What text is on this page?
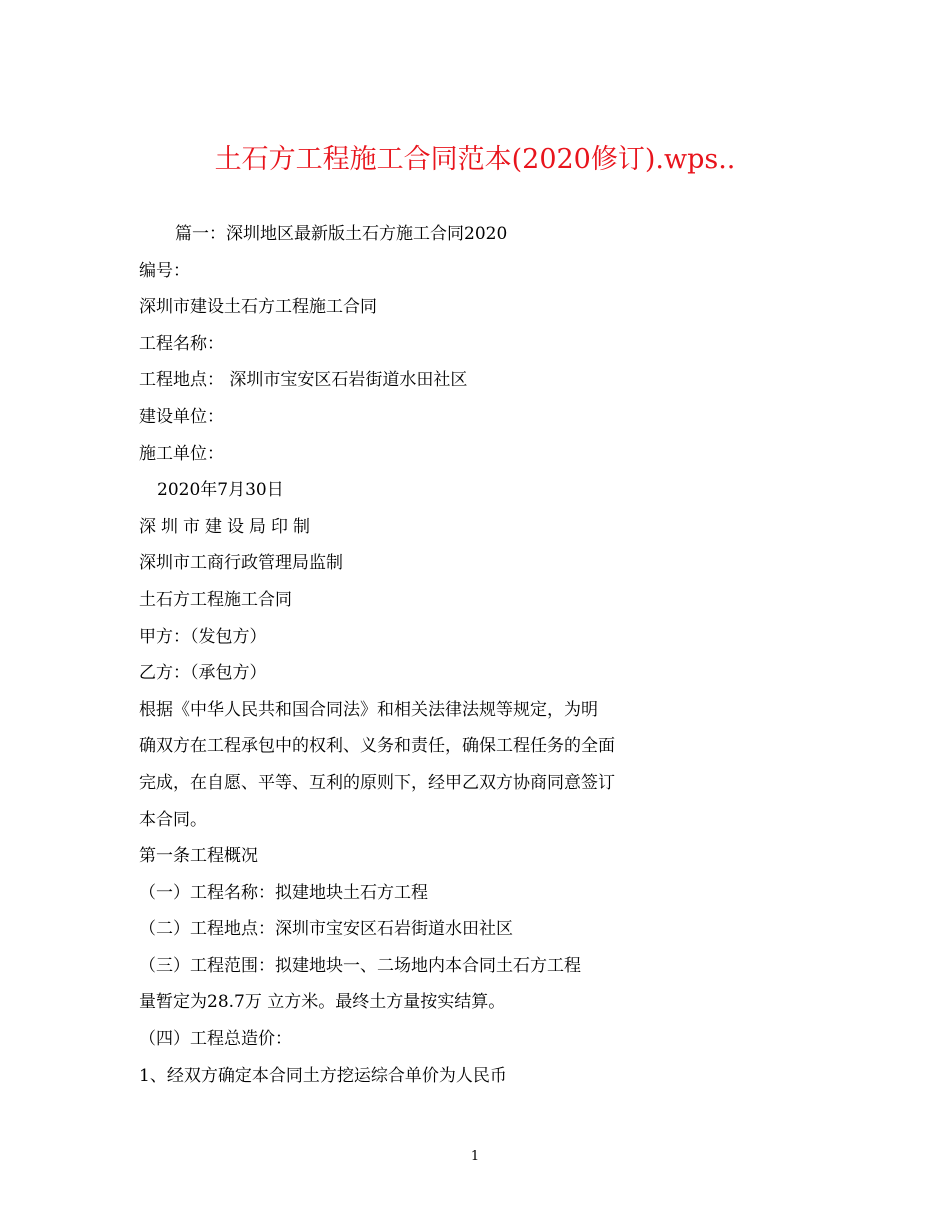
土石方工程施工合同范本(2020修订).wps..
篇一：深圳地区最新版土石方施工合同2020
编号：
深圳市建设土石方工程施工合同
工程名称：
工程地点： 深圳市宝安区石岩街道水田社区
建设单位：
施工单位：
2020年7月30日
深圳市建设局印制
深圳市工商行政管理局监制
土石方工程施工合同
甲方：（发包方）
乙方：（承包方）
根据《中华人民共和国合同法》和相关法律法规等规定，为明
确双方在工程承包中的权利、义务和责任，确保工程任务的全面
完成，在自愿、平等、互利的原则下，经甲乙双方协商同意签订
本合同。
第一条工程概况
（一）工程名称：拟建地块土石方工程
（二）工程地点：深圳市宝安区石岩街道水田社区
（三）工程范围：拟建地块一、二场地内本合同土石方工程
量暂定为28.7万 立方米。最终土方量按实结算。
（四）工程总造价：
1、经双方确定本合同土方挖运综合单价为人民币
1
